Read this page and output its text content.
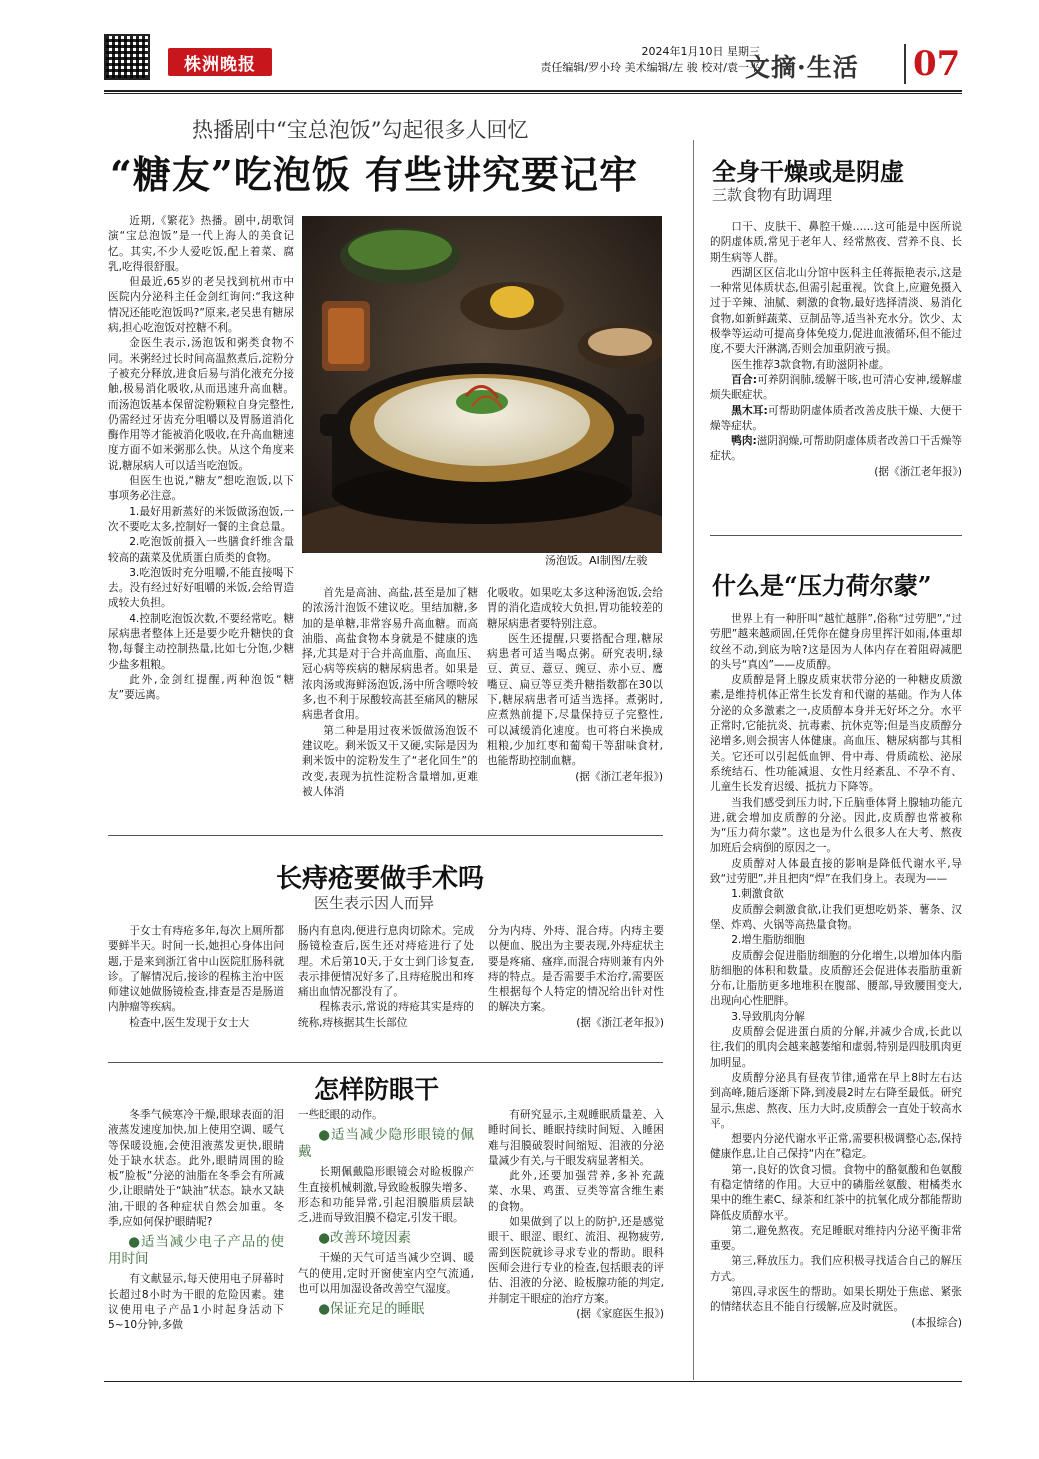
株洲晚报
2024年1月10日 星期三
责任编辑/罗小玲 美术编辑/左 骏 校对/袁一平
文摘·生活 07
热播剧中“宝总泡饭”勾起很多人回忆
“糖友”吃泡饭 有些讲究要记牢

近期,《繁花》热播。剧中,胡歌饲演“宝总泡饭”是一代上海人的美食记忆。其实,不少人爱吃饭,配上着菜、腐乳,吃得很舒服。

但最近,65岁的老吴找到杭州市中医院内分泌科主任金剑红询问:“我这种情况还能吃泡饭吗?”原来,老吴患有糖尿病,担心吃泡饭对控糖不利。

金医生表示,汤泡饭和粥类食物不同。米粥经过长时间高温熬煮后,淀粉分子被充分释放,进食后易与消化液充分接触,极易消化吸收,从而迅速升高血糖。而汤泡饭基本保留淀粉颗粒自身完整性,仍需经过牙齿充分咀嚼以及胃肠道消化酶作用等才能被消化吸收,在升高血糖速度方面不如米粥那么快。从这个角度来说,糖尿病人可以适当吃泡饭。

但医生也说,“糖友”想吃泡饭,以下事项务必注意。

1.最好用新蒸好的米饭做汤泡饭,一次不要吃太多,控制好一餐的主食总量。

2.吃泡饭前摄入一些膳食纤维含量较高的蔬菜及优质蛋白质类的食物。

3.吃泡饭时充分咀嚼,不能直接喝下去。没有经过好好咀嚼的米饭,会给胃造成较大负担。

4.控制吃泡饭次数,不要经常吃。糖尿病患者整体上还是要少吃升糖快的食物,每餐主动控制热量,比如七分饱,少糖少盐多粗粮。

此外,金剑红提醒,两种泡饭“糖友”要远离。

汤泡饭。AI制图/左骏

首先是高油、高盐,甚至是加了糖的浓汤汁泡饭不建议吃。里结加糖,多加的是单糖,非常容易升高血糖。而高油脂、高盐食物本身就是不健康的选择,尤其是对于合并高血脂、高血压、冠心病等疾病的糖尿病患者。如果是浓肉汤或海鲜汤泡饭,汤中所含嘌呤较多,也不利于尿酸较高甚至痛风的糖尿病患者食用。

第二种是用过夜米饭做汤泡饭不建议吃。剩米饭又干又硬,实际是因为剩米饭中的淀粉发生了“老化回生”的改变,表现为抗性淀粉含量增加,更难被人体消

化吸收。如果吃太多这种汤泡饭,会给胃的消化造成较大负担,胃功能较差的糖尿病患者要特别注意。

医生还提醒,只要搭配合理,糖尿病患者可适当喝点粥。研究表明,绿豆、黄豆、薏豆、豌豆、赤小豆、鹰嘴豆、扁豆等豆类升糖指数都在30以下,糖尿病患者可适当选择。煮粥时,应煮熟前提下,尽量保持豆子完整性,可以减缓消化速度。也可将白米换成粗粮,少加红枣和葡萄干等甜味食材,也能帮助控制血糖。

(据《浙江老年报》)

全身干燥或是阴虚
三款食物有助调理

口干、皮肤干、鼻腔干燥……这可能是中医所说的阴虚体质,常见于老年人、经常熬夜、营养不良、长期生病等人群。

西湖区区信北山分馆中医科主任蒋振艳表示,这是一种常见体质状态,但需引起重视。饮食上,应避免摄入过于辛辣、油腻、刺激的食物,最好选择清淡、易消化食物,如新鲜蔬菜、豆制品等,适当补充水分。饮少、太极拳等运动可提高身体免疫力,促进血液循环,但不能过度,不要大汗淋漓,否则会加重阴液亏损。

医生推荐3款食物,有助滋阴补虚。

百合:可养阴润肺,缓解干咳,也可清心安神,缓解虚烦失眠症状。

黑木耳:可帮助阴虚体质者改善皮肤干燥、大便干燥等症状。

鸭肉:滋阴润燥,可帮助阴虚体质者改善口干舌燥等症状。

(据《浙江老年报》)

什么是“压力荷尔蒙”

世界上有一种肝叫“越忙越胖”,俗称“过劳肥”,“过劳肥”越来越顽固,任凭你在健身房里挥汗如雨,体重却纹丝不动,到底为啥?这是因为人体内存在着阻碍减肥的头号“真凶”——皮质醇。

皮质醇是肾上腺皮质束状带分泌的一种糖皮质激素,是维持机体正常生长发育和代谢的基础。作为人体分泌的众多激素之一,皮质醇本身并无好坏之分。水平正常时,它能抗炎、抗毒素、抗休克等;但是当皮质醇分泌增多,则会损害人体健康。高血压、糖尿病都与其相关。它还可以引起低血钾、骨中毒、骨质疏松、泌尿系统结石、性功能减退、女性月经紊乱、不孕不育、儿童生长发育迟缓、抵抗力下降等。

当我们感受到压力时,下丘脑垂体肾上腺轴功能亢进,就会增加皮质醇的分泌。因此,皮质醇也常被称为“压力荷尔蒙”。这也是为什么很多人在大考、熬夜加班后会病倒的原因之一。

皮质醇对人体最直接的影响是降低代谢水平,导致“过劳肥”,并且把肉“焊”在我们身上。表现为——

1.刺激食欲

皮质醇会刺激食欲,让我们更想吃奶茶、薯条、汉堡、炸鸡、火锅等高热量食物。

2.增生脂肪细胞

皮质醇会促进脂肪细胞的分化增生,以增加体内脂肪细胞的体积和数量。皮质醇还会促进体表脂肪重新分布,让脂肪更多地堆积在腹部、腰部,导致腰围变大,出现向心性肥胖。

3.导致肌肉分解

皮质醇会促进蛋白质的分解,并减少合成,长此以往,我们的肌肉会越来越萎缩和虚弱,特别是四肢肌肉更加明显。

皮质醇分泌具有昼夜节律,通常在早上8时左右达到高峰,随后逐渐下降,到凌晨2时左右降至最低。研究显示,焦虑、熬夜、压力大时,皮质醇会一直处于较高水平。

想要内分泌代谢水平正常,需要积极调整心态,保持健康作息,让自己保持“内在”稳定。

第一,良好的饮食习惯。食物中的酪氨酸和色氨酸有稳定情绪的作用。大豆中的磷脂丝氨酸、柑橘类水果中的维生素C、绿茶和红茶中的抗氧化成分都能帮助降低皮质醇水平。

第二,避免熬夜。充足睡眠对维持内分泌平衡非常重要。

第三,释放压力。我们应积极寻找适合自己的解压方式。

第四,寻求医生的帮助。如果长期处于焦虑、紧张的情绪状态且不能自行缓解,应及时就医。

(本报综合)

长痔疮要做手术吗
医生表示因人而异

于女士有痔疮多年,每次上厕所都要鲜半天。时间一长,她担心身体出问题,于是来到浙江省中山医院肛肠科就诊。了解情况后,接诊的程栋主治中医师建议她做肠镜检查,排查是否是肠道内肿瘤等疾病。

检查中,医生发现于女士大

肠内有息肉,便进行息肉切除术。完成肠镜检查后,医生还对痔疮进行了处理。术后第10天,于女士到门诊复查,表示排便情况好多了,且痔疮脱出和疼痛出血情况都没有了。

程栋表示,常说的痔疮其实是痔的统称,痔核据其生长部位

分为内痔、外痔、混合痔。内痔主要以便血、脱出为主要表现,外痔症状主要是疼痛、瘙痒,而混合痔则兼有内外痔的特点。是否需要手术治疗,需要医生根据每个人特定的情况给出针对性的解决方案。

(据《浙江老年报》)

怎样防眼干

冬季气候寒冷干燥,眼球表面的泪液蒸发速度加快,加上使用空调、暖气等保暖设施,会使泪液蒸发更快,眼睛处于缺水状态。此外,眼睛周围的睑板”脸板”分泌的油脂在冬季会有所减少,让眼睛处于“缺油”状态。缺水又缺油,干眼的各种症状自然会加重。冬季,应如何保护眼睛呢?

●适当减少电子产品的使用时间

有文献显示,每天使用电子屏幕时长超过8小时为干眼的危险因素。建议使用电子产品1小时起身活动下5~10分钟,多做

一些眨眼的动作。

●适当减少隐形眼镜的佩戴

长期佩戴隐形眼镜会对睑板腺产生直接机械刺激,导致睑板腺失增多、形态和功能异常,引起泪膜脂质层缺乏,进而导致泪膜不稳定,引发干眼。

●改善环境因素

干燥的天气可适当减少空调、暖气的使用,定时开窗使室内空气流通,也可以用加湿设备改善空气湿度。

●保证充足的睡眠

有研究显示,主观睡眠质量差、入睡时间长、睡眠持续时间短、入睡困难与泪膜破裂时间缩短、泪液的分泌量减少有关,与干眼发病显著相关。

此外,还要加强营养,多补充蔬菜、水果、鸡蛋、豆类等富含维生素的食物。

如果做到了以上的防护,还是感觉眼干、眼涩、眼红、流泪、视物疲劳,需到医院就诊寻求专业的帮助。眼科医师会进行专业的检查,包括眼表的评估、泪液的分泌、睑板腺功能的判定,并制定干眼症的治疗方案。

(据《家庭医生报》)
